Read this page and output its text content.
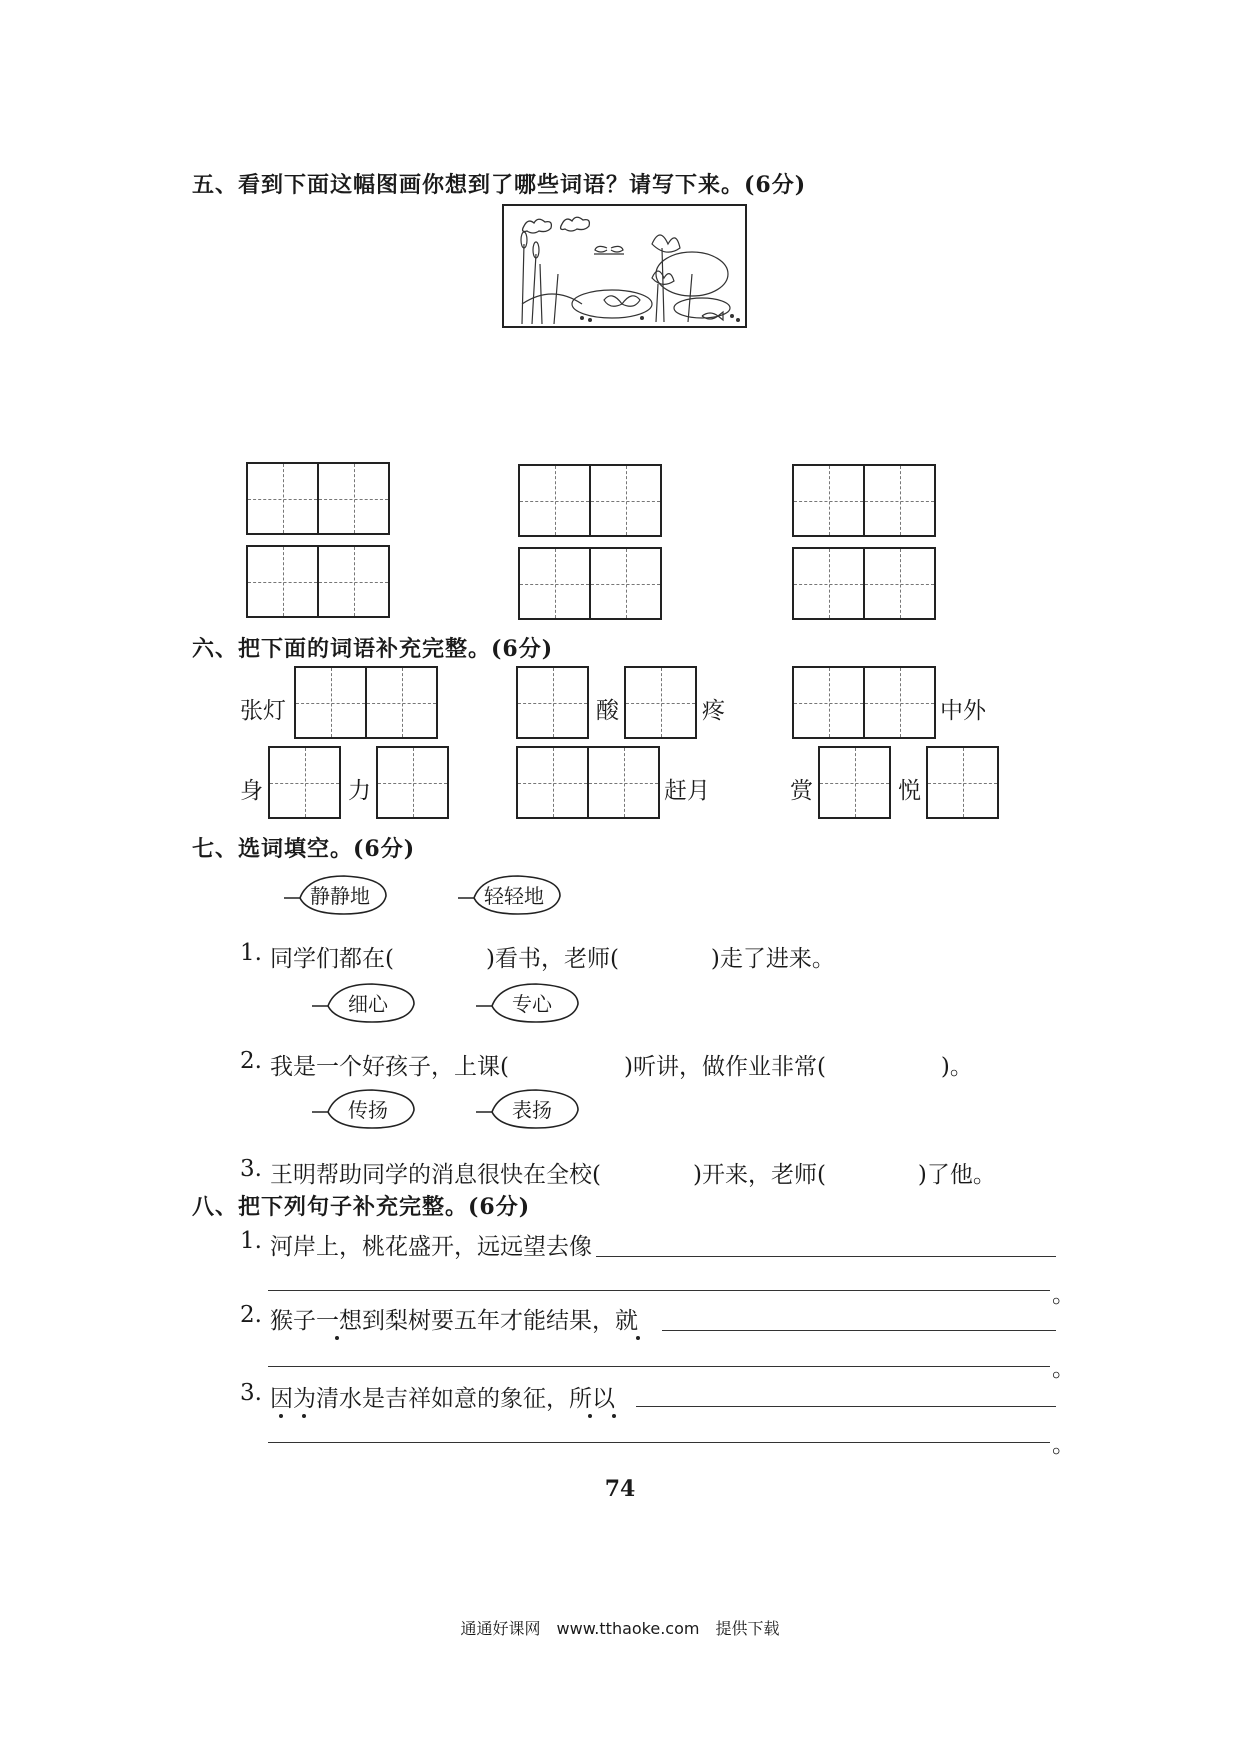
五、看到下面这幅图画你想到了哪些词语？请写下来。(6分)
六、把下面的词语补充完整。(6分)
张灯	酸	疼	中外
身	力	赶月	赏	悦
七、选词填空。(6分)
静静地	轻轻地
1. 同学们都在(　　　　)看书，老师(　　　　)走了进来。
细心	专心
2. 我是一个好孩子，上课(　　　　　)听讲，做作业非常(　　　　　)。
传扬	表扬
3. 王明帮助同学的消息很快在全校(　　　　)开来，老师(　　　　)了他。
八、把下列句子补充完整。(6分)
1. 河岸上，桃花盛开，远远望去像
。
2. 猴子一想到梨树要五年才能结果，就
。
3. 因为清水是吉祥如意的象征，所以
。
74
通通好课网　www.tthaoke.com　提供下载
